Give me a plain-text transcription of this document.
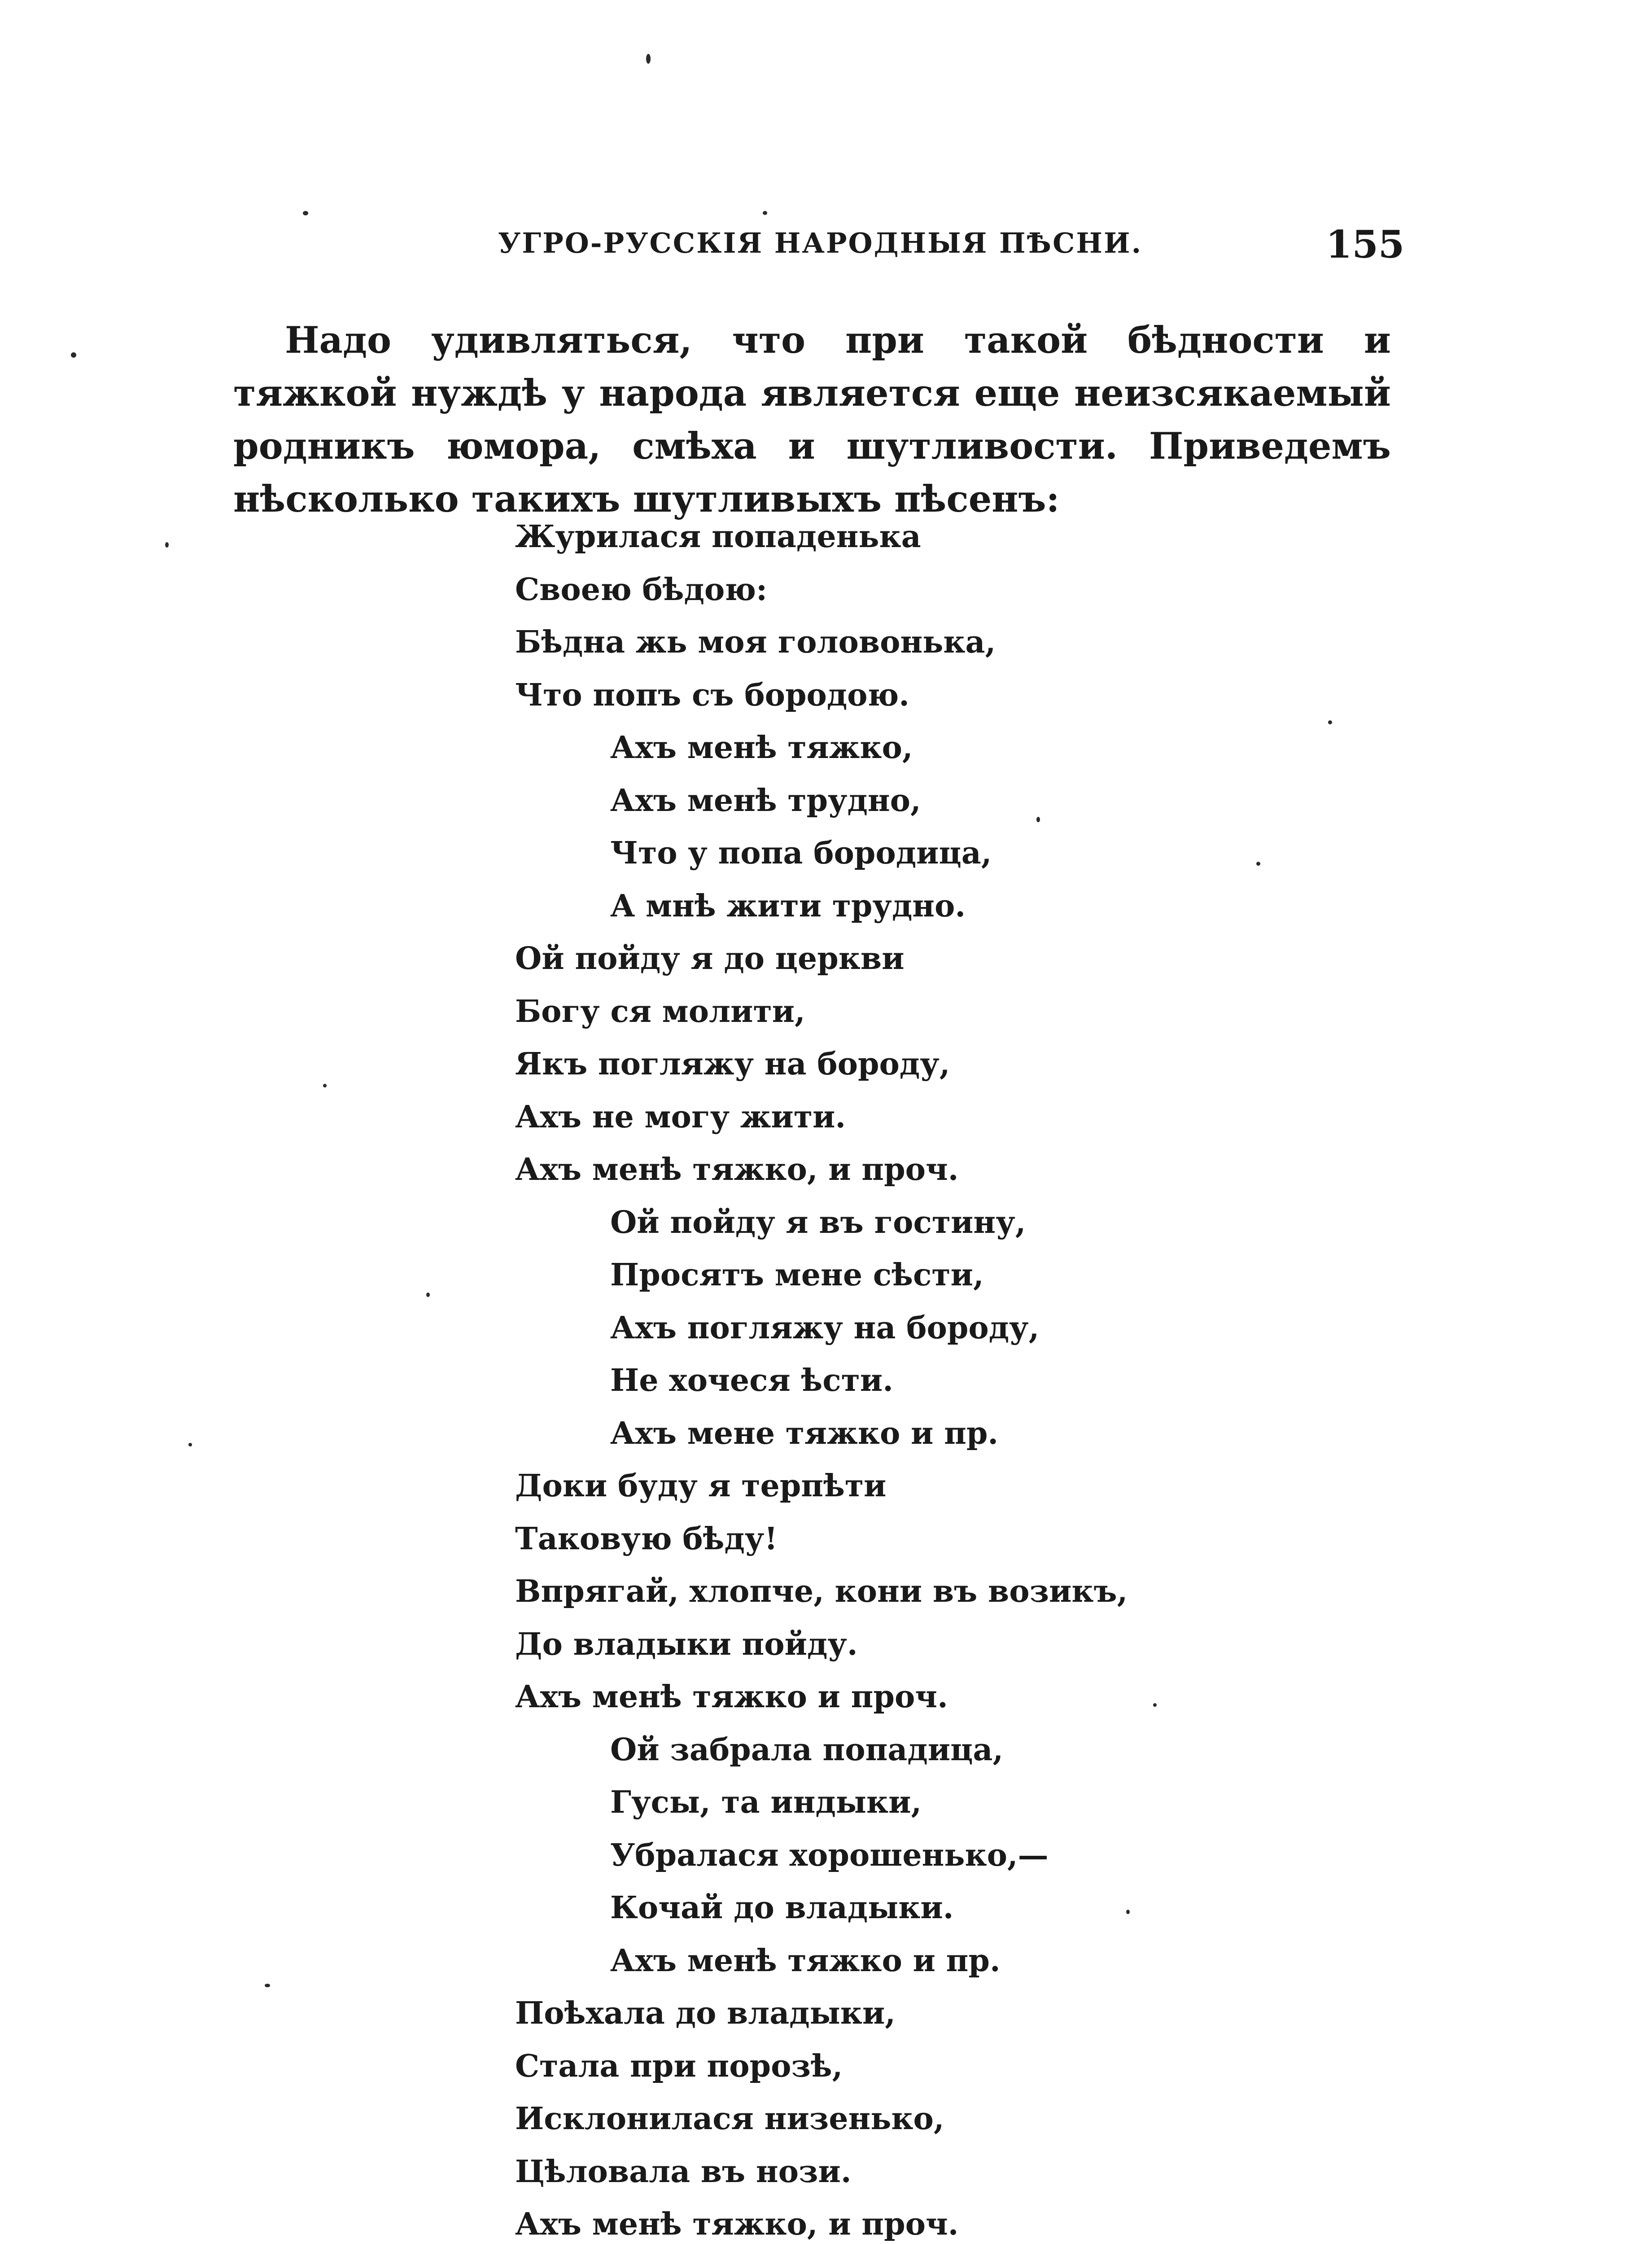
УГРО-РУССКІЯ НАРОДНЫЯ ПѢСНИ.	155

Надо удивляться, что при такой бѣдности и тяжкой нуждѣ у народа является еще неизсякаемый родникъ юмора, смѣха и шутливости. Приведемъ нѣсколько такихъ шутливыхъ пѣсенъ:

Журилася попаденька
Своею бѣдою:
Бѣдна жь моя головонька,
Что попъ съ бородою.
Ахъ менѣ тяжко,
Ахъ менѣ трудно,
Что у попа бородица,
А мнѣ жити трудно.
Ой пойду я до церкви
Богу ся молити,
Якъ погляжу на бороду,
Ахъ не могу жити.
Ахъ менѣ тяжко, и проч.
Ой пойду я въ гостину,
Просятъ мене сѣсти,
Ахъ погляжу на бороду,
Не хочеся ѣсти.
Ахъ мене тяжко и пр.
Доки буду я терпѣти
Таковую бѣду!
Впрягай, хлопче, кони въ возикъ,
До владыки пойду.
Ахъ менѣ тяжко и проч.
Ой забрала попадица,
Гусы, та индыки,
Убралася хорошенько,—
Кочай до владыки.
Ахъ менѣ тяжко и пр.
Поѣхала до владыки,
Стала при порозѣ,
Исклонилася низенько,
Цѣловала въ нози.
Ахъ менѣ тяжко, и проч.
